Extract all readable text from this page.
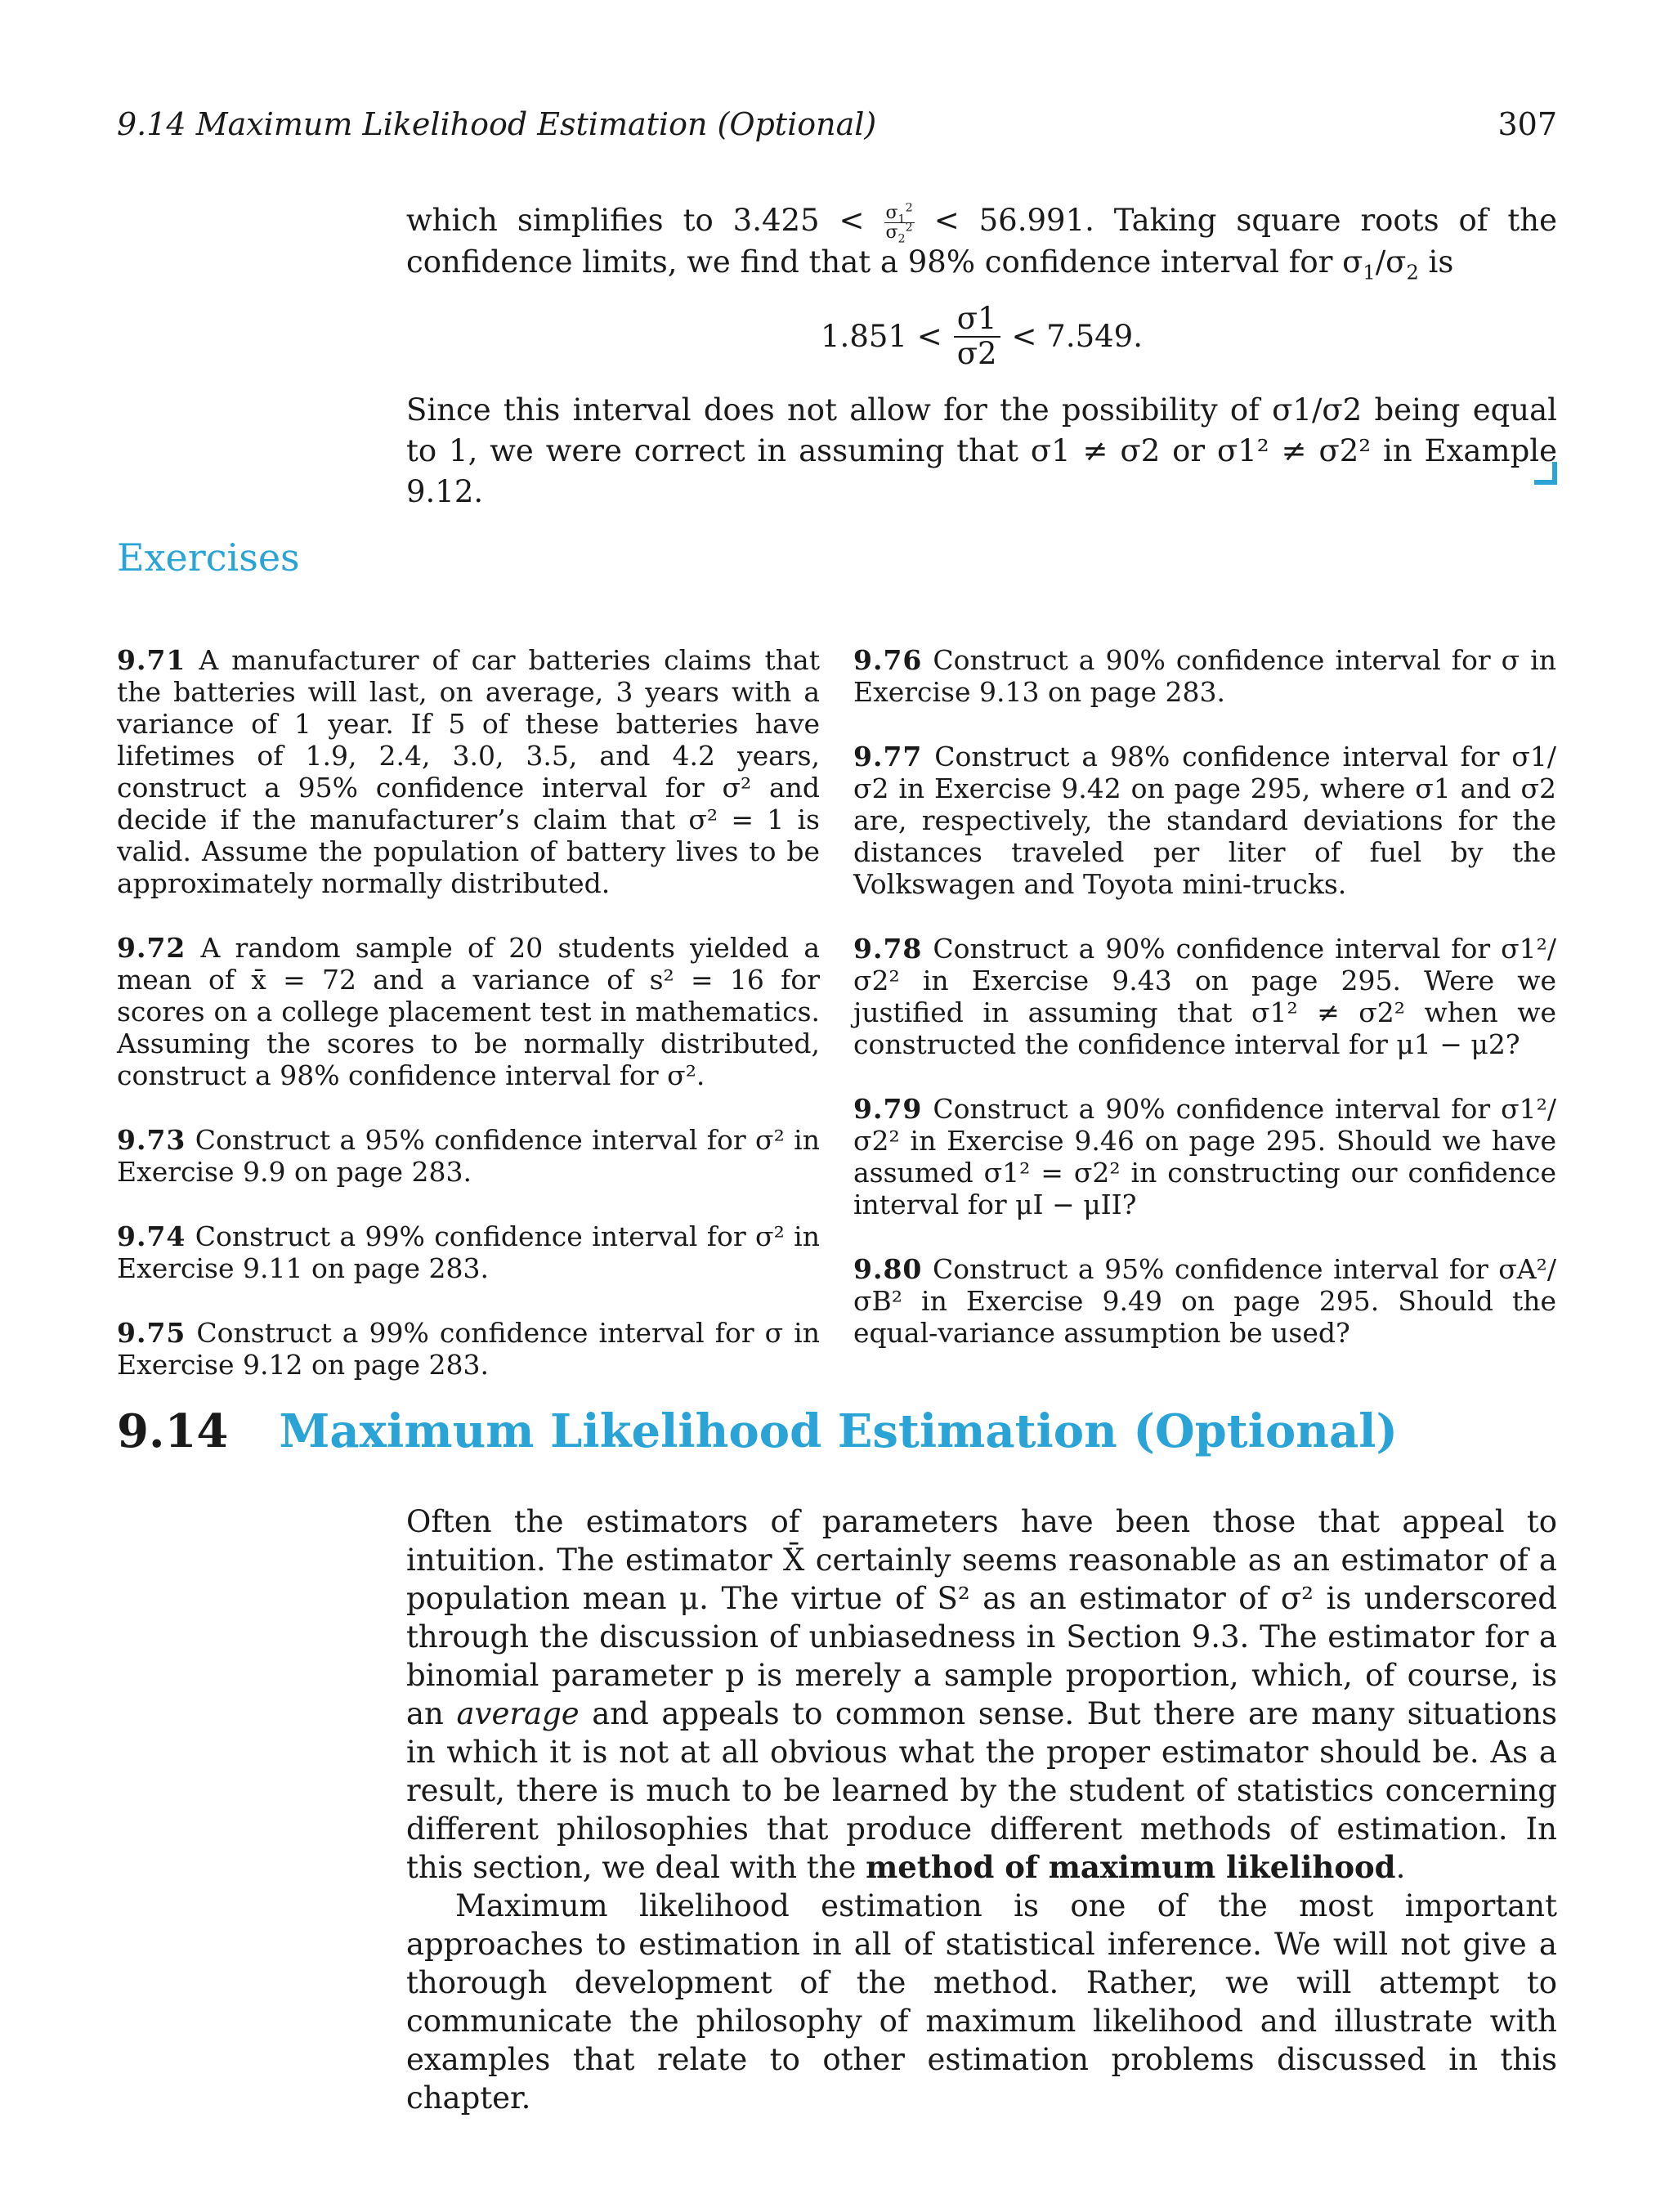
9.14 Maximum Likelihood Estimation (Optional)	307

which simplifies to $3.425 < \frac{\sigma_1^2}{\sigma_2^2} < 56.991$. Taking square roots of the confidence limits, we find that a 98% confidence interval for $\sigma_1/\sigma_2$ is

$1.851 < \frac{\sigma 1}{\sigma 2} < 7.549$.

Since this interval does not allow for the possibility of σ1/σ2 being equal to 1, we were correct in assuming that σ1 ≠ σ2 or σ1² ≠ σ2² in Example 9.12.

Exercises

9.71 A manufacturer of car batteries claims that the batteries will last, on average, 3 years with a variance of 1 year. If 5 of these batteries have lifetimes of 1.9, 2.4, 3.0, 3.5, and 4.2 years, construct a 95% confidence interval for σ² and decide if the manufacturer’s claim that σ² = 1 is valid. Assume the population of battery lives to be approximately normally distributed.

9.72 A random sample of 20 students yielded a mean of x̄ = 72 and a variance of s² = 16 for scores on a college placement test in mathematics. Assuming the scores to be normally distributed, construct a 98% confidence interval for σ².

9.73 Construct a 95% confidence interval for σ² in Exercise 9.9 on page 283.

9.74 Construct a 99% confidence interval for σ² in Exercise 9.11 on page 283.

9.75 Construct a 99% confidence interval for σ in Exercise 9.12 on page 283.

9.76 Construct a 90% confidence interval for σ in Exercise 9.13 on page 283.

9.77 Construct a 98% confidence interval for σ1/σ2 in Exercise 9.42 on page 295, where σ1 and σ2 are, respectively, the standard deviations for the distances traveled per liter of fuel by the Volkswagen and Toyota mini-trucks.

9.78 Construct a 90% confidence interval for σ1²/σ2² in Exercise 9.43 on page 295. Were we justified in assuming that σ1² ≠ σ2² when we constructed the confidence interval for μ1 − μ2?

9.79 Construct a 90% confidence interval for σ1²/σ2² in Exercise 9.46 on page 295. Should we have assumed σ1² = σ2² in constructing our confidence interval for μI − μII?

9.80 Construct a 95% confidence interval for σA²/σB² in Exercise 9.49 on page 295. Should the equal-variance assumption be used?

9.14 Maximum Likelihood Estimation (Optional)

Often the estimators of parameters have been those that appeal to intuition. The estimator X̄ certainly seems reasonable as an estimator of a population mean μ. The virtue of S² as an estimator of σ² is underscored through the discussion of unbiasedness in Section 9.3. The estimator for a binomial parameter p is merely a sample proportion, which, of course, is an average and appeals to common sense. But there are many situations in which it is not at all obvious what the proper estimator should be. As a result, there is much to be learned by the student of statistics concerning different philosophies that produce different methods of estimation. In this section, we deal with the method of maximum likelihood.

Maximum likelihood estimation is one of the most important approaches to estimation in all of statistical inference. We will not give a thorough development of the method. Rather, we will attempt to communicate the philosophy of maximum likelihood and illustrate with examples that relate to other estimation problems discussed in this chapter.
